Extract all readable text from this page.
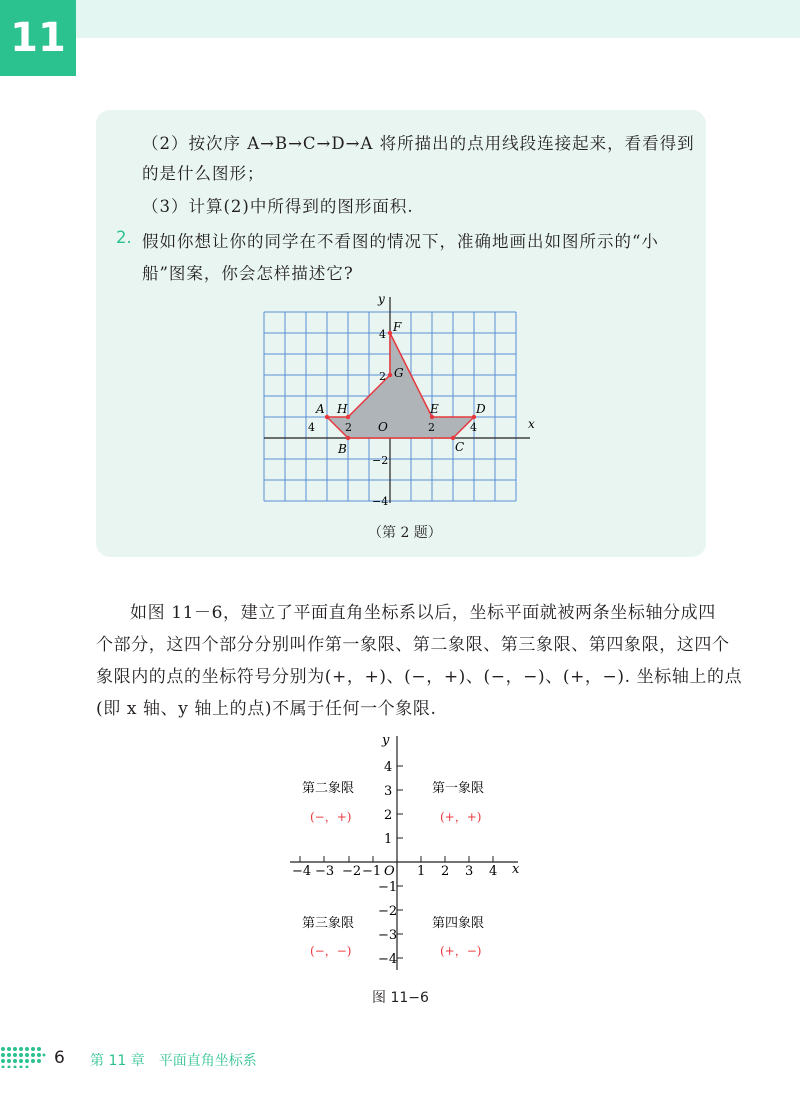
11
（2）按次序 A→B→C→D→A 将所描出的点用线段连接起来，看看得到
的是什么图形；
（3）计算(2)中所得到的图形面积.
2. 假如你想让你的同学在不看图的情况下，准确地画出如图所示的“小
船”图案，你会怎样描述它?
y
x
O
A H
B	C
E	D
G
F
4	2	2	4
4
2
−2
−4
（第 2 题）
如图 11－6，建立了平面直角坐标系以后，坐标平面就被两条坐标轴分成四
个部分，这四个部分分别叫作第一象限、第二象限、第三象限、第四象限，这四个
象限内的点的坐标符号分别为(+，+)、(−，+)、(−，−)、(+，−). 坐标轴上的点
(即 x 轴、y 轴上的点)不属于任何一个象限.
y
x
O
−4 −3 −2 −1	1 2 3 4
4
3
2
1
−1
−2
−3
−4
第二象限
(−，+)
第一象限
(+，+)
第三象限
(−，−)
第四象限
(+，−)
图 11−6
6 第 11 章　平面直角坐标系
